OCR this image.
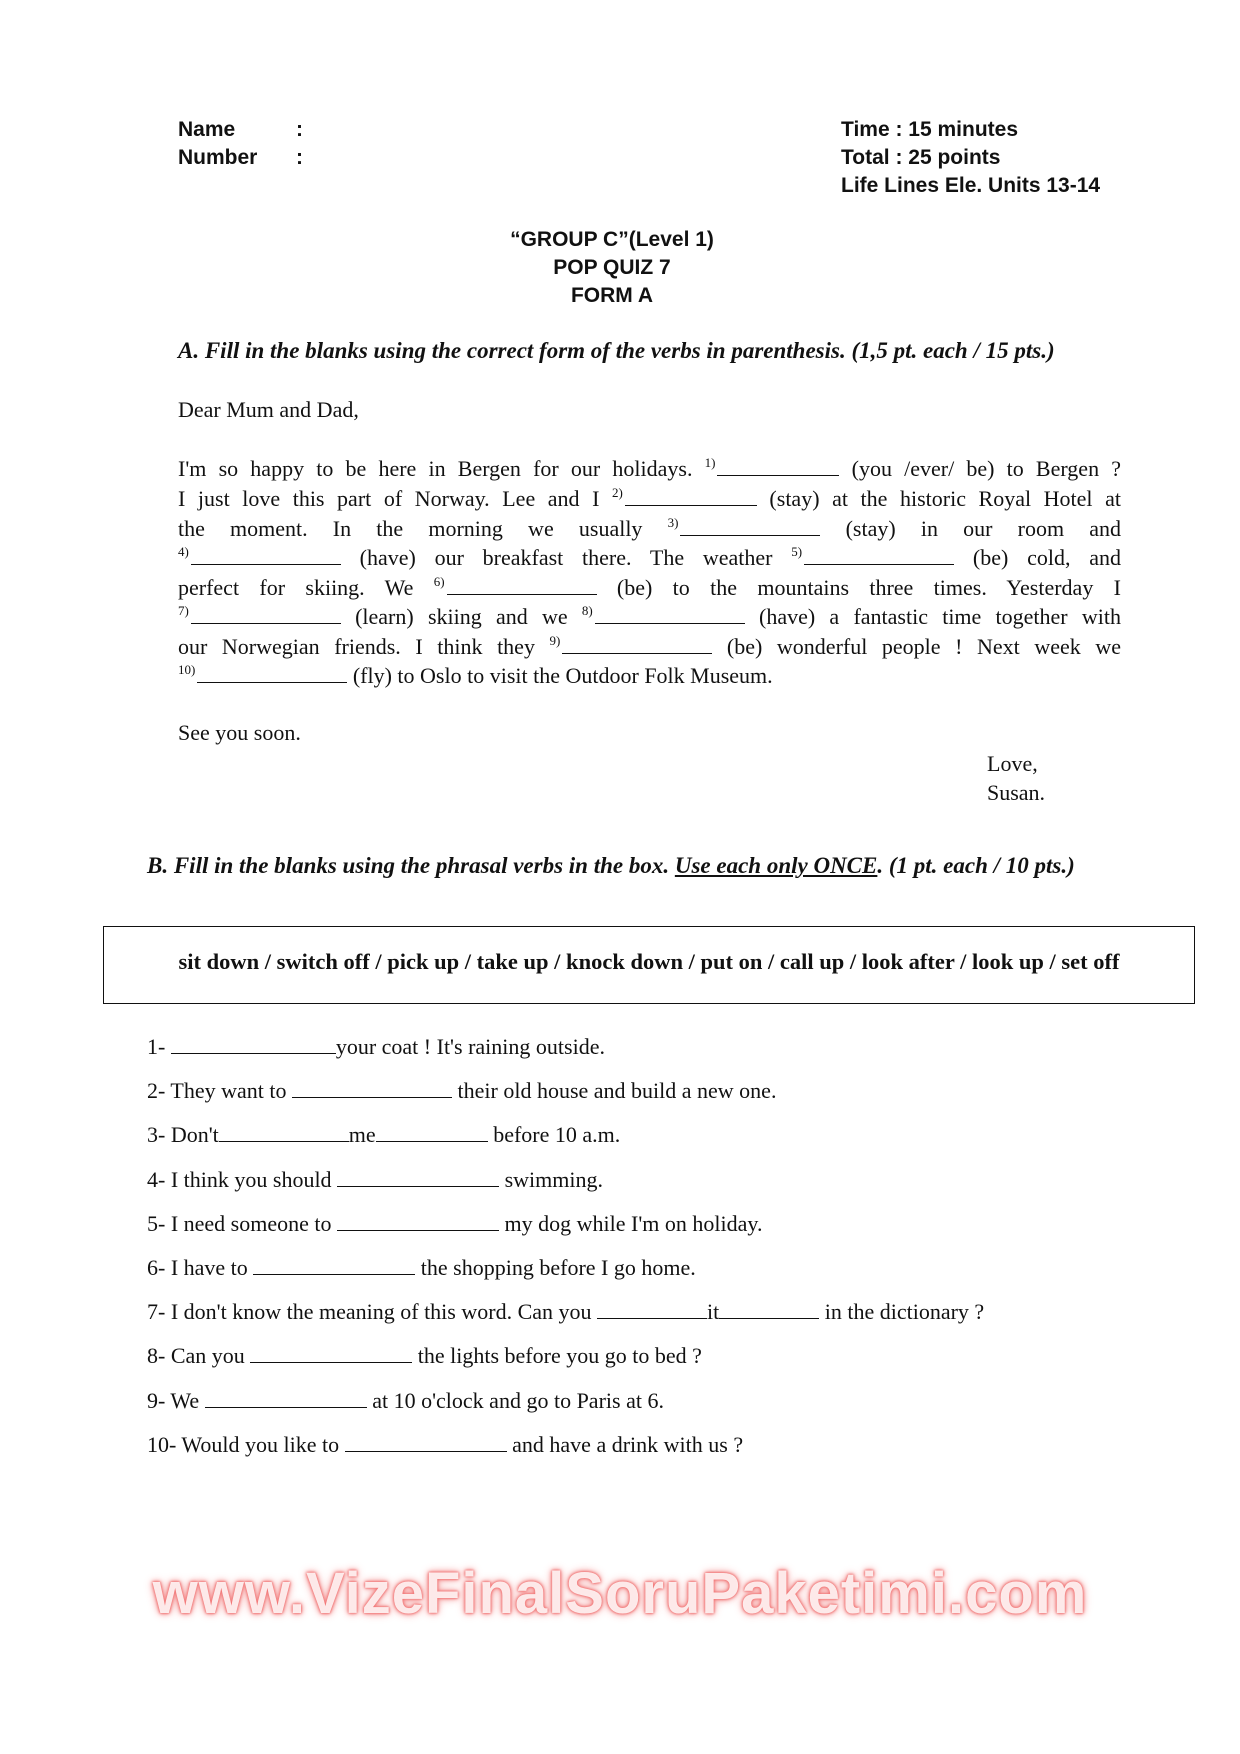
Name	:
Number :
Time : 15 minutes
Total : 25 points
Life Lines Ele. Units 13-14
“GROUP C”(Level 1)
POP QUIZ 7
FORM A
A. Fill in the blanks using the correct form of the verbs in parenthesis. (1,5 pt. each / 15 pts.)
Dear Mum and Dad,
I'm so happy to be here in Bergen for our holidays. $^{1)}$	(you /ever/ be) to Bergen ?
I just love this part of Norway. Lee and I $^{2)}$	(stay) at the historic Royal Hotel at
the moment. In the morning we usually $^{3)}$	(stay) in our room and
$^{4)}$	(have) our breakfast there. The weather $^{5)}$	(be) cold, and
perfect for skiing. We $^{6)}$	(be) to the mountains three times. Yesterday I
$^{7)}$	(learn) skiing and we $^{8)}$	(have) a fantastic time together with
our Norwegian friends. I think they $^{9)}$	(be) wonderful people ! Next week we
$^{10)}$	(fly) to Oslo to visit the Outdoor Folk Museum.
See you soon.
Love,
Susan.
B. Fill in the blanks using the phrasal verbs in the box. Use each only ONCE. (1 pt. each / 10 pts.)
sit down / switch off / pick up / take up / knock down / put on / call up / look after / look up / set off
1-	your coat ! It's raining outside.
2- They want to	their old house and build a new one.
3- Don't	me	before 10 a.m.
4- I think you should	swimming.
5- I need someone to	my dog while I'm on holiday.
6- I have to	the shopping before I go home.
7- I don't know the meaning of this word. Can you	it	in the dictionary ?
8- Can you	the lights before you go to bed ?
9- We	at 10 o'clock and go to Paris at 6.
10- Would you like to	and have a drink with us ?
www.VizeFinalSoruPaketimi.com
